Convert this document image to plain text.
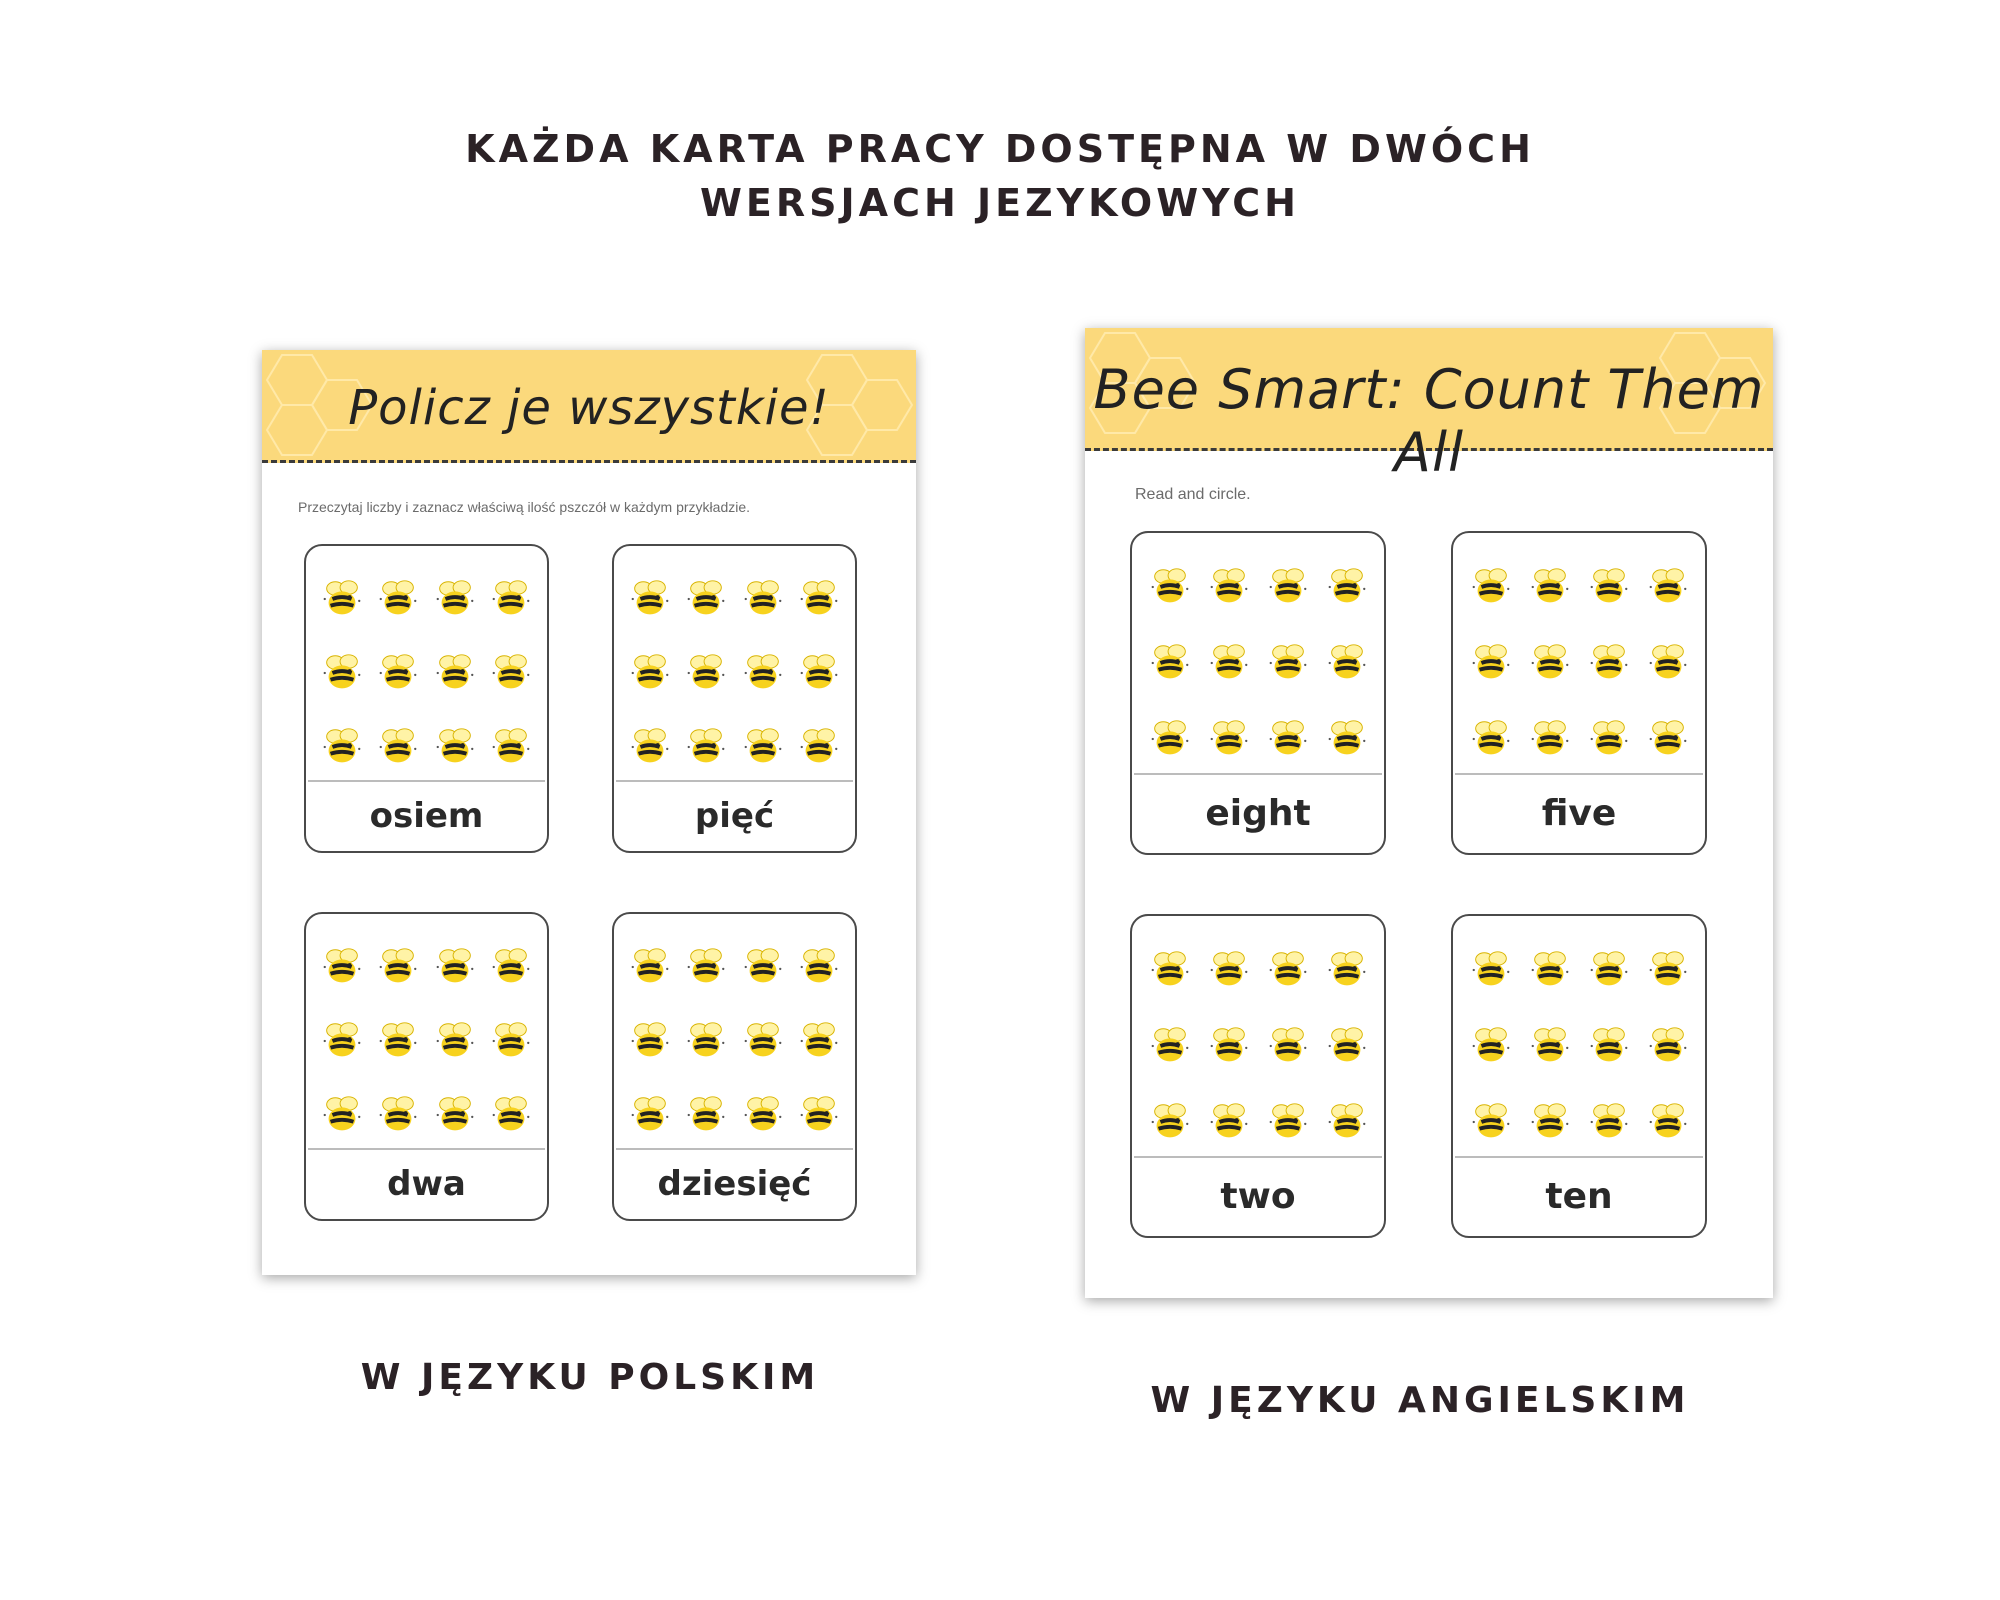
KAŻDA KARTA PRACY DOSTĘPNA W DWÓCH
WERSJACH JEZYKOWYCH
Policz je wszystkie!
Przeczytaj liczby i zaznacz właściwą ilość pszczół w każdym przykładzie.
osiem	pięć
dwa	dziesięć
Bee Smart: Count Them All
Read and circle.
eight	five
two	ten
W JĘZYKU POLSKIM
W JĘZYKU ANGIELSKIM
